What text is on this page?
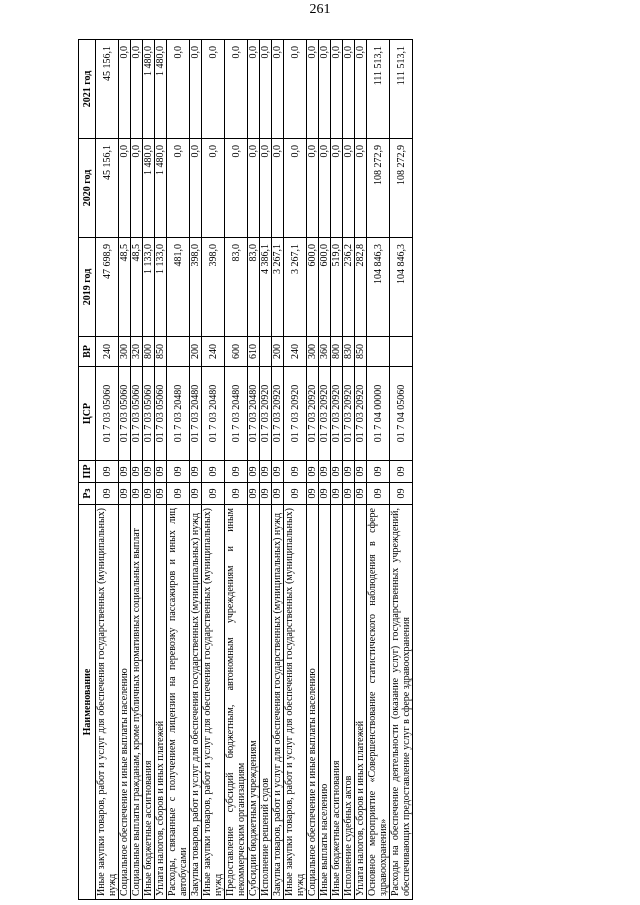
261
Наименование	Рз	ПР	ЦСР	ВР	2019 год	2020 год	2021 год
Иные закупки товаров, работ и услуг для обеспечения государственных (муниципальных) нужд	09	09	01 7 03 05060	240	47 698,9	45 156,1	45 156,1
Социальное обеспечение и иные выплаты населению	09	09	01 7 03 05060	300	48,5	0,0	0,0
Социальные выплаты гражданам, кроме публичных нормативных социальных выплат	09	09	01 7 03 05060	320	48,5	0,0	0,0
Иные бюджетные ассигнования	09	09	01 7 03 05060	800	1 133,0	1 480,0	1 480,0
Уплата налогов, сборов и иных платежей	09	09	01 7 03 05060	850	1 133,0	1 480,0	1 480,0
Расходы, связанные с получением лицензии на перевозку пассажиров и иных лиц автобусами	09	09	01 7 03 20480		481,0	0,0	0,0
Закупка товаров, работ и услуг для обеспечения государственных (муниципальных) нужд	09	09	01 7 03 20480	200	398,0	0,0	0,0
Иные закупки товаров, работ и услуг для обеспечения государственных (муниципальных) нужд	09	09	01 7 03 20480	240	398,0	0,0	0,0
Предоставление субсидий бюджетным, автономным учреждениям и иным некоммерческим организациям	09	09	01 7 03 20480	600	83,0	0,0	0,0
Субсидии бюджетным учреждениям	09	09	01 7 03 20480	610	83,0	0,0	0,0
Исполнение решений судов	09	09	01 7 03 20920		4 386,1	0,0	0,0
Закупка товаров, работ и услуг для обеспечения государственных (муниципальных) нужд	09	09	01 7 03 20920	200	3 267,1	0,0	0,0
Иные закупки товаров, работ и услуг для обеспечения государственных (муниципальных) нужд	09	09	01 7 03 20920	240	3 267,1	0,0	0,0
Социальное обеспечение и иные выплаты населению	09	09	01 7 03 20920	300	600,0	0,0	0,0
Иные выплаты населению	09	09	01 7 03 20920	360	600,0	0,0	0,0
Иные бюджетные ассигнования	09	09	01 7 03 20920	800	519,0	0,0	0,0
Исполнение судебных актов	09	09	01 7 03 20920	830	236,2	0,0	0,0
Уплата налогов, сборов и иных платежей	09	09	01 7 03 20920	850	282,8	0,0	0,0
Основное мероприятие «Совершенствование статистического наблюдения в сфере здравоохранения»	09	09	01 7 04 00000		104 846,3	108 272,9	111 513,1
Расходы на обеспечение деятельности (оказание услуг) государственных учреждений, обеспечивающих предоставление услуг в сфере здравоохранения	09	09	01 7 04 05060		104 846,3	108 272,9	111 513,1
